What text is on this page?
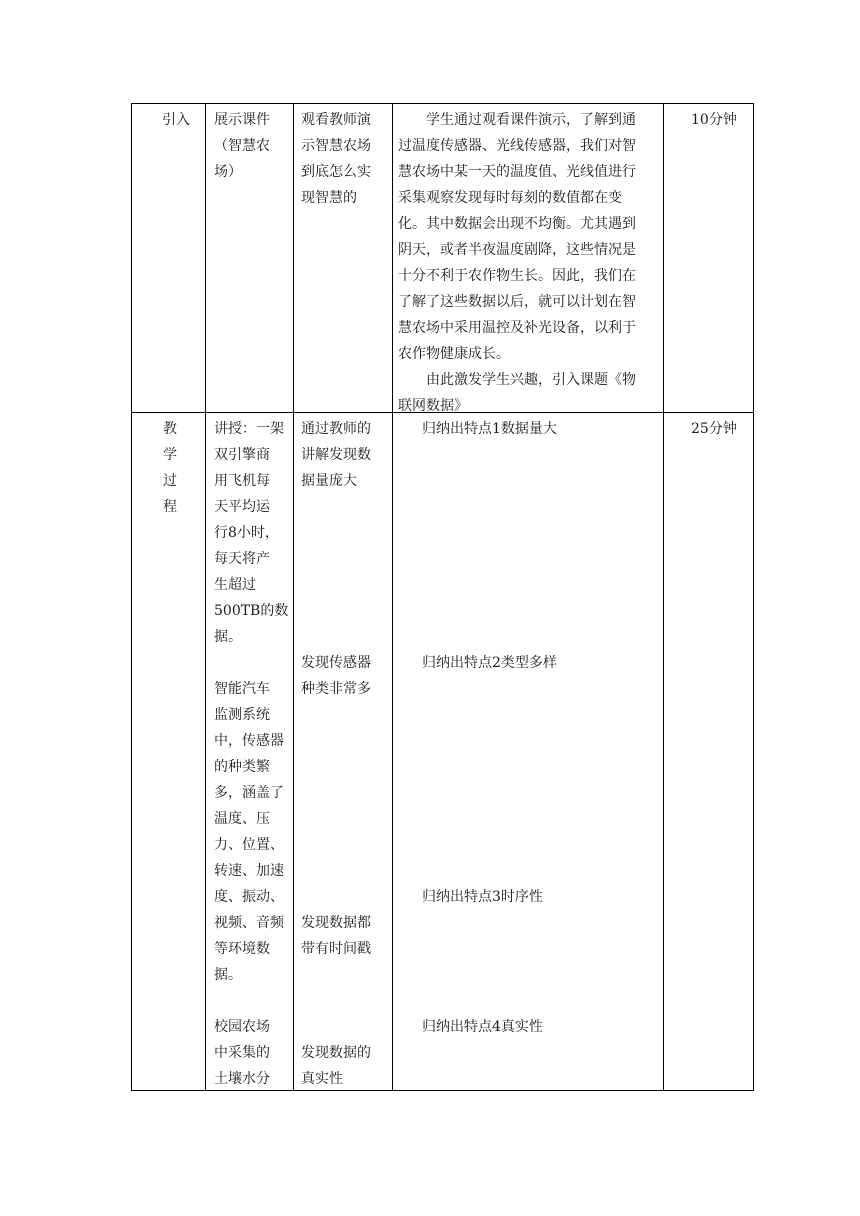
引入	展示课件

（智慧农

场）

观看教师演

示智慧农场

到底怎么实

现智慧的

学生通过观看课件演示，了解到通

过温度传感器、光线传感器，我们对智

慧农场中某一天的温度值、光线值进行

采集观察发现每时每刻的数值都在变

化。其中数据会出现不均衡。尤其遇到

阴天，或者半夜温度剧降，这些情况是

十分不利于农作物生长。因此，我们在

了解了这些数据以后，就可以计划在智

慧农场中采用温控及补光设备，以利于

农作物健康成长。

由此激发学生兴趣，引入课题《物

联网数据》

10分钟

教

学

过

程

讲授：一架

双引擎商

用飞机每

天平均运

行8小时，

每天将产

生超过

500TB的数

据。

智能汽车

监测系统

中，传感器

的种类繁

多，涵盖了

温度、压

力、位置、

转速、加速

度、振动、

视频、音频

等环境数

据。

校园农场

中采集的

土壤水分

通过教师的

讲解发现数

据量庞大

发现传感器

种类非常多

发现数据都

带有时间戳

发现数据的

真实性

归纳出特点1数据量大
归纳出特点2类型多样
归纳出特点3时序性
归纳出特点4真实性
25分钟
